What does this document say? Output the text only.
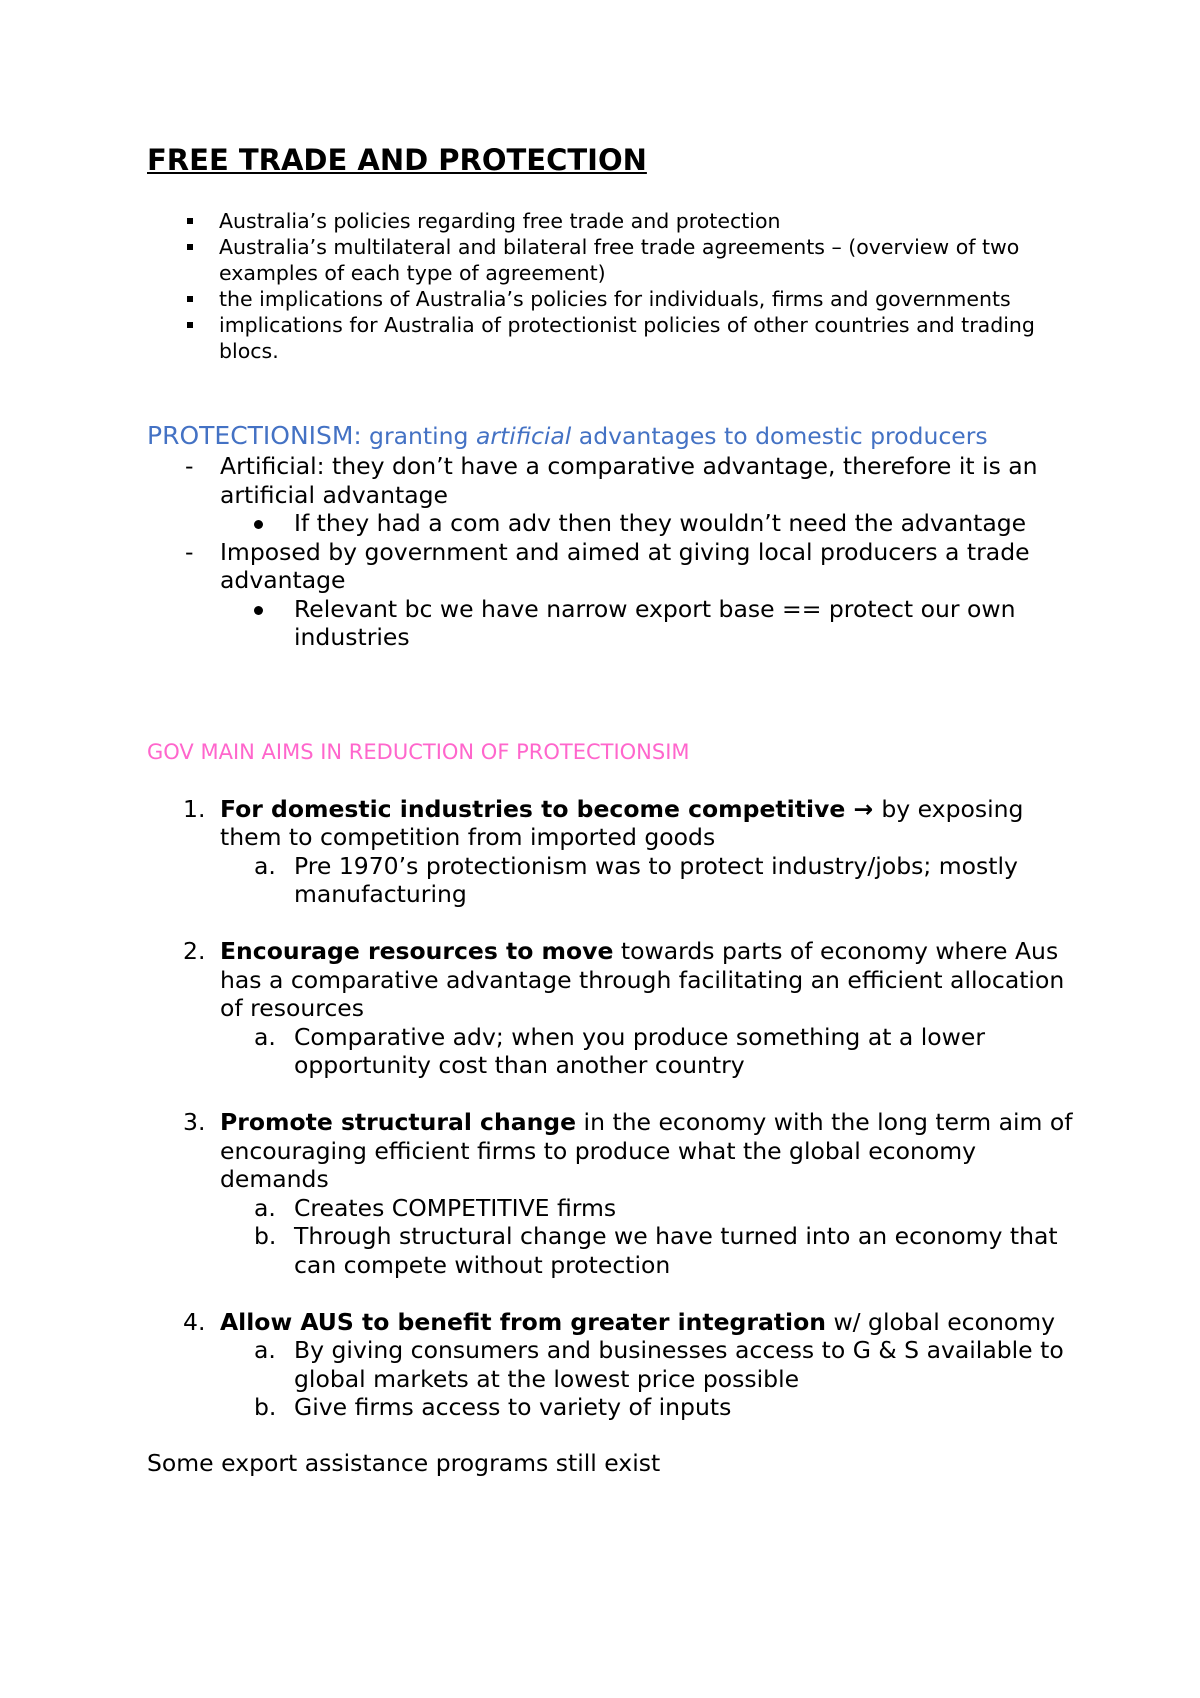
FREE TRADE AND PROTECTION
Australia’s policies regarding free trade and protection
Australia’s multilateral and bilateral free trade agreements – (overview of two examples of each type of agreement)
the implications of Australia’s policies for individuals, firms and governments
implications for Australia of protectionist policies of other countries and trading blocs.
PROTECTIONISM: granting artificial advantages to domestic producers
- Artificial: they don’t have a comparative advantage, therefore it is an artificial advantage
If they had a com adv then they wouldn’t need the advantage
- Imposed by government and aimed at giving local producers a trade advantage
Relevant bc we have narrow export base == protect our own industries
GOV MAIN AIMS IN REDUCTION OF PROTECTIONSIM
1. For domestic industries to become competitive → by exposing them to competition from imported goods
a. Pre 1970’s protectionism was to protect industry/jobs; mostly manufacturing
2. Encourage resources to move towards parts of economy where Aus has a comparative advantage through facilitating an efficient allocation of resources
a. Comparative adv; when you produce something at a lower opportunity cost than another country
3. Promote structural change in the economy with the long term aim of encouraging efficient firms to produce what the global economy demands
a. Creates COMPETITIVE firms
b. Through structural change we have turned into an economy that can compete without protection
4. Allow AUS to benefit from greater integration w/ global economy
a. By giving consumers and businesses access to G & S available to global markets at the lowest price possible
b. Give firms access to variety of inputs
Some export assistance programs still exist
